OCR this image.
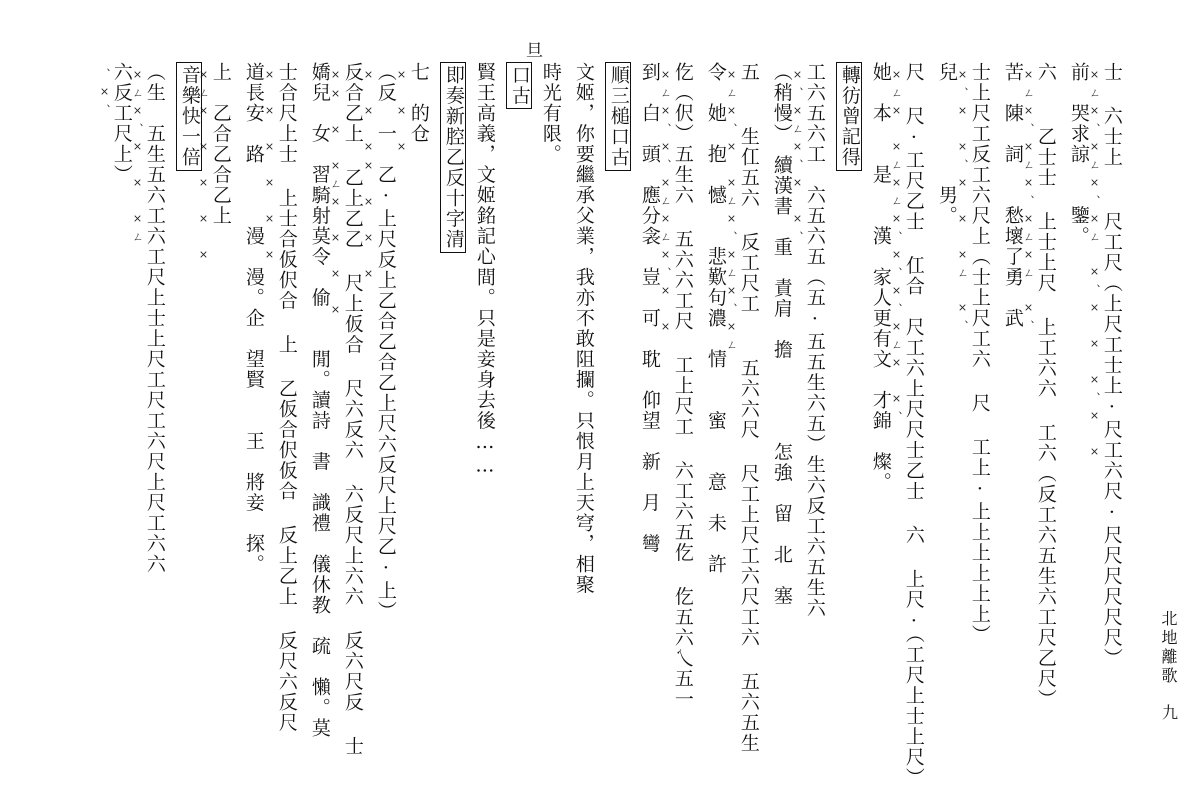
北地離歌
九
旦
×ㄥ×、×ㄥ×、×ㄥ　×、×　×　×、×　× 士 六士上　 尺工尺（上尺工士上·尺工六尺·尺尺尺尺尺尺）
前　哭求諒　　鑒。
×ㄥ×、×ㄥ×、×ㄥ×ㄥ　×、 六 　乙士士 上士上尺 上工六六 工六（反工六五生六工尺乙尺）
苦　陳　詞　　愁壞了勇　武
×、×　×、×　×　×ㄥ　×、 士上尺工反工六尺上（士上尺工六 尺 工上·上上上上上上）
兒　　　　　男。
×ㄥ×　×ㄥ×ㄥ×、×、×、×ㄥ×　×、 尺 尺·工尺乙士 仜合　尺工六上尺尺士乙士 六 上尺·（工尺上士上尺）
她　本　　是　　漢　家人更有文　才錦　燦。
轉彷曾記得
×、×ㄥ×、×　×、 工六五六工　六五六五（五·五五生六五）生六反工六五生六
（稍慢）　續漢書　重　責肩　擔　　　　怎強　留　北　塞
×ㄥ×、×　×ㄥ×、×ㄥ×、×ㄥ 五 　生仜五六 反工尺工 　五六六尺 尺工上尺工六尺工六 五六五生
令　她　抱　憾　　悲歎句濃　情　　蜜　　意　未　許
×ㄥ×、×、×ㄥ×ㄥ×、×　× 仡（伬）五生六 五六六工尺 工上尺工 六工六五仡 仡五六乀五一
到　白　頭　應分衾　豈　可　耽　仰望　新　月　彎
順三槌口古
文姬，你要繼承父業，我亦不敢阻攔。只恨月上天穹，相聚
時光有限。
口古
賢王高義，文姬銘記心間。只是妾身去後……
即奏新腔乙反十字清
×　×　× 七　的仓
×　×　××　×　×　× （反　一　乙·上尺反上乙合乙合乙上尺六反尺上尺乙·上）
××　×　×ㄥ×　×　×　× 反合乙上 乙上乙乙 尺上仮合 尺六反六 六反尺上六六 反六尺反 士
嬌兒　女　習騎射莫令　偷　　閒。讀詩　書　識禮　儀休教　疏　懶。莫
×　×　×　×　×　× 士合尺上士 上士合仮伬合 上 乙仮合伬仮合 反上乙上 反尺六反尺
道長安　路　　　漫　漫。企　望賢　　王　將妾　探。
×ㄥ×　×　×　×　× 上　乙合乙合乙上
音樂快一倍
×ㄥ×、×　×　×ㄥ （生　五生五六工六工尺上士上尺工尺工六尺上尺工六六
、×、 六反工尺上）
